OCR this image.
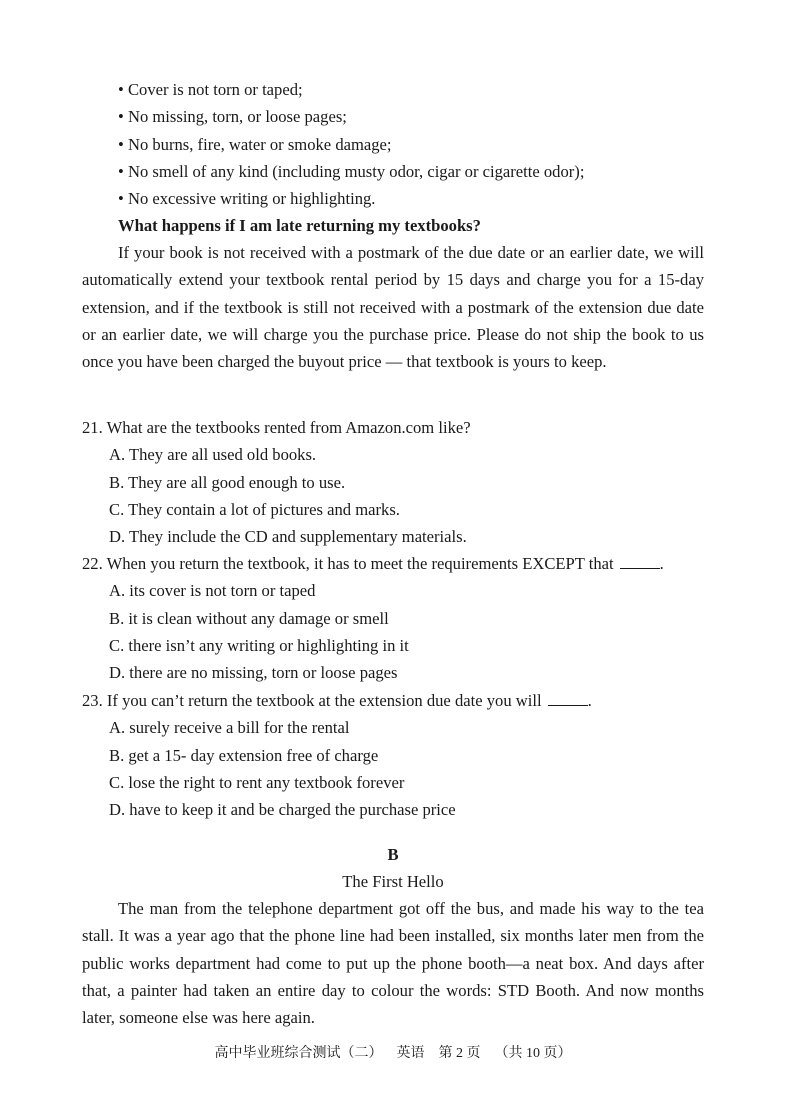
• Cover is not torn or taped;
• No missing, torn, or loose pages;
• No burns, fire, water or smoke damage;
• No smell of any kind (including musty odor, cigar or cigarette odor);
• No excessive writing or highlighting.
What happens if I am late returning my textbooks?

If your book is not received with a postmark of the due date or an earlier date, we will automatically extend your textbook rental period by 15 days and charge you for a 15-day extension, and if the textbook is still not received with a postmark of the extension due date or an earlier date, we will charge you the purchase price. Please do not ship the book to us once you have been charged the buyout price — that textbook is yours to keep.

21. What are the textbooks rented from Amazon.com like?
A. They are all used old books.
B. They are all good enough to use.
C. They contain a lot of pictures and marks.
D. They include the CD and supplementary materials.
22. When you return the textbook, it has to meet the requirements EXCEPT that	.
A. its cover is not torn or taped
B. it is clean without any damage or smell
C. there isn’t any writing or highlighting in it
D. there are no missing, torn or loose pages
23. If you can’t return the textbook at the extension due date you will	.
A. surely receive a bill for the rental
B. get a 15- day extension free of charge
C. lose the right to rent any textbook forever
D. have to keep it and be charged the purchase price
B
The First Hello

The man from the telephone department got off the bus, and made his way to the tea stall. It was a year ago that the phone line had been installed, six months later men from the public works department had come to put up the phone booth—a neat box. And days after that, a painter had taken an entire day to colour the words: STD Booth. And now months later, someone else was here again.

高中毕业班综合测试（二）    英语    第 2 页    （共 10 页）
